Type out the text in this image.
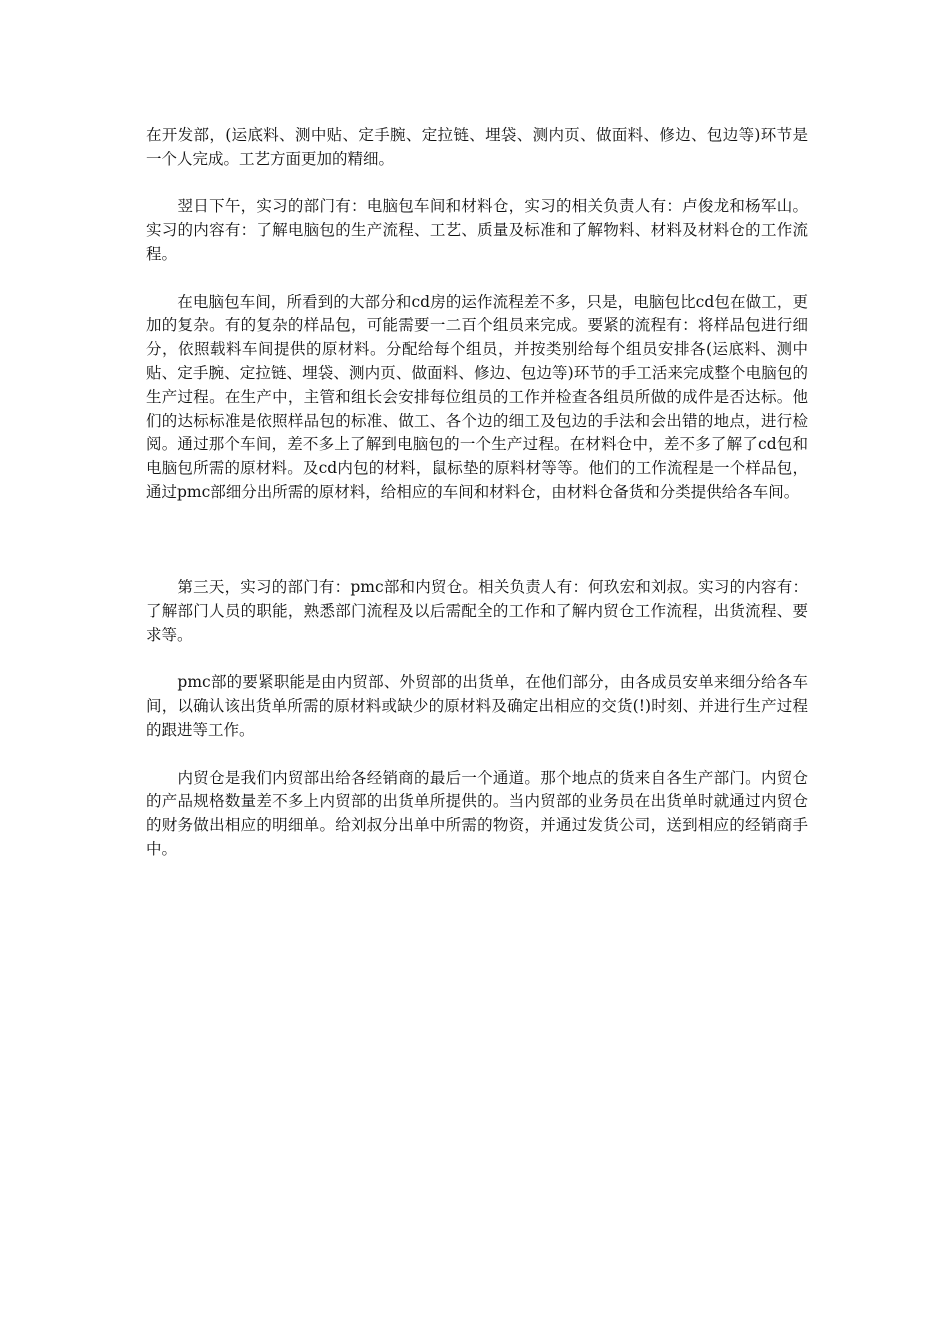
在开发部，(运底料、测中贴、定手腕、定拉链、埋袋、测内页、做面料、修边、包边等)环节是一个人完成。工艺方面更加的精细。

　　翌日下午，实习的部门有：电脑包车间和材料仓，实习的相关负责人有：卢俊龙和杨军山。实习的内容有：了解电脑包的生产流程、工艺、质量及标准和了解物料、材料及材料仓的工作流程。

　　在电脑包车间，所看到的大部分和cd房的运作流程差不多，只是，电脑包比cd包在做工，更加的复杂。有的复杂的样品包，可能需要一二百个组员来完成。要紧的流程有：将样品包进行细分，依照载料车间提供的原材料。分配给每个组员，并按类别给每个组员安排各(运底料、测中贴、定手腕、定拉链、埋袋、测内页、做面料、修边、包边等)环节的手工活来完成整个电脑包的生产过程。在生产中，主管和组长会安排每位组员的工作并检查各组员所做的成件是否达标。他们的达标标准是依照样品包的标准、做工、各个边的细工及包边的手法和会出错的地点，进行检阅。通过那个车间，差不多上了解到电脑包的一个生产过程。在材料仓中，差不多了解了cd包和电脑包所需的原材料。及cd内包的材料，鼠标垫的原料材等等。他们的工作流程是一个样品包，通过pmc部细分出所需的原材料，给相应的车间和材料仓，由材料仓备货和分类提供给各车间。

　　第三天，实习的部门有：pmc部和内贸仓。相关负责人有：何玖宏和刘叔。实习的内容有：了解部门人员的职能，熟悉部门流程及以后需配全的工作和了解内贸仓工作流程，出货流程、要求等。

　　pmc部的要紧职能是由内贸部、外贸部的出货单，在他们部分，由各成员安单来细分给各车间，以确认该出货单所需的原材料或缺少的原材料及确定出相应的交货(!)时刻、并进行生产过程的跟进等工作。

　　内贸仓是我们内贸部出给各经销商的最后一个通道。那个地点的货来自各生产部门。内贸仓的产品规格数量差不多上内贸部的出货单所提供的。当内贸部的业务员在出货单时就通过内贸仓的财务做出相应的明细单。给刘叔分出单中所需的物资，并通过发货公司，送到相应的经销商手中。
